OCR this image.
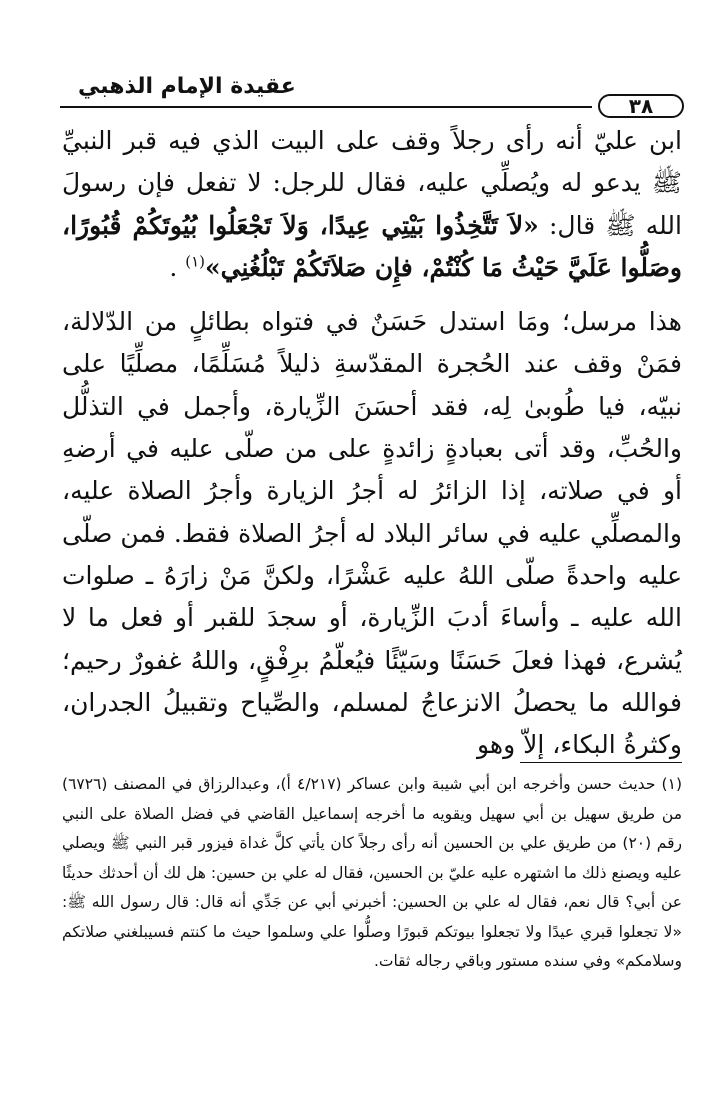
عقيدة الإمام الذهبي
٣٨

ابن عليّ أنه رأى رجلاً وقف على البيت الذي فيه قبر النبيِّ ﷺ يدعو له ويُصلِّي عليه، فقال للرجل: لا تفعل فإن رسولَ الله ﷺ قال: «لاَ تَتَّخِذُوا بَيْتِي عِيدًا، وَلاَ تَجْعَلُوا بُيُوتَكُمْ قُبُورًا، وصَلُّوا عَلَيَّ حَيْثُ مَا كُنْتُمْ، فإِن صَلاَتَكُمْ تَبْلُغُنِي»$^{(١)}$ .

هذا مرسل؛ ومَا استدل حَسَنٌ في فتواه بطائلٍ من الدّلالة، فمَنْ وقف عند الحُجرة المقدّسةِ ذليلاً مُسَلِّمًا، مصلِّيًا على نبيّه، فيا طُوبىٰ لِه، فقد أحسَنَ الزِّيارة، وأجمل في التذلُّل والحُبِّ، وقد أتى بعبادةٍ زائدةٍ على من صلّى عليه في أرضهِ أو في صلاته، إذا الزائرُ له أجرُ الزيارة وأجرُ الصلاة عليه، والمصلِّي عليه في سائر البلاد له أجرُ الصلاة فقط. فمن صلّى عليه واحدةً صلّى اللهُ عليه عَشْرًا، ولكنَّ مَنْ زارَهُ ـ صلوات الله عليه ـ وأساءَ أدبَ الزِّيارة، أو سجدَ للقبر أو فعل ما لا يُشرع، فهذا فعلَ حَسَنًا وسَيّئًا فيُعلّمُ برِفْقٍ، واللهُ غفورٌ رحيم؛ فوالله ما يحصلُ الانزعاجُ لمسلم، والصِّياح وتقبيلُ الجدران، وكثرةُ البكاء، إلاّ وهو

(١) حديث حسن وأخرجه ابن أبي شيبة وابن عساكر (٤/٢١٧ أ)، وعبدالرزاق في المصنف (٦٧٢٦) من طريق سهيل بن أبي سهيل ويقويه ما أخرجه إسماعيل القاضي في فضل الصلاة على النبي رقم (٢٠) من طريق علي بن الحسين أنه رأى رجلاً كان يأتي كلَّ غداة فيزور قبر النبي ﷺ ويصلي عليه ويصنع ذلك ما اشتهره عليه عليّ بن الحسين، فقال له علي بن حسين: هل لك أن أحدثك حديثًا عن أبي؟ قال نعم، فقال له علي بن الحسين: أخبرني أبي عن جَدِّي أنه قال: قال رسول الله ﷺ: «لا تجعلوا قبري عيدًا ولا تجعلوا بيوتكم قبورًا وصلُّوا علي وسلموا حيث ما كنتم فسيبلغني صلاتكم وسلامكم» وفي سنده مستور وباقي رجاله ثقات.
